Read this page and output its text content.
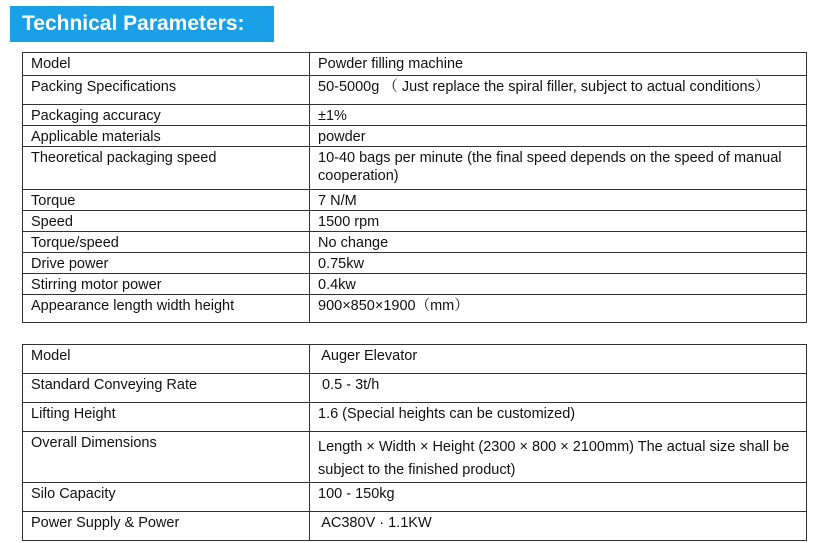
Technical Parameters:
Model	Powder filling machine
Packing Specifications	50-5000g （ Just replace the spiral filler, subject to actual conditions）
Packaging accuracy	±1%
Applicable materials	powder
Theoretical packaging speed	10-40 bags per minute (the final speed depends on the speed of manual cooperation)
Torque	7 N/M
Speed	1500 rpm
Torque/speed	No change
Drive power	0.75kw
Stirring motor power	0.4kw
Appearance length width height	900×850×1900（mm）
Model	Auger Elevator
Standard Conveying Rate	0.5 - 3t/h
Lifting Height	1.6 (Special heights can be customized)
Overall Dimensions	Length × Width × Height (2300 × 800 × 2100mm) The actual size shall be subject to the finished product)
Silo Capacity	100 - 150kg
Power Supply & Power	AC380V · 1.1KW
